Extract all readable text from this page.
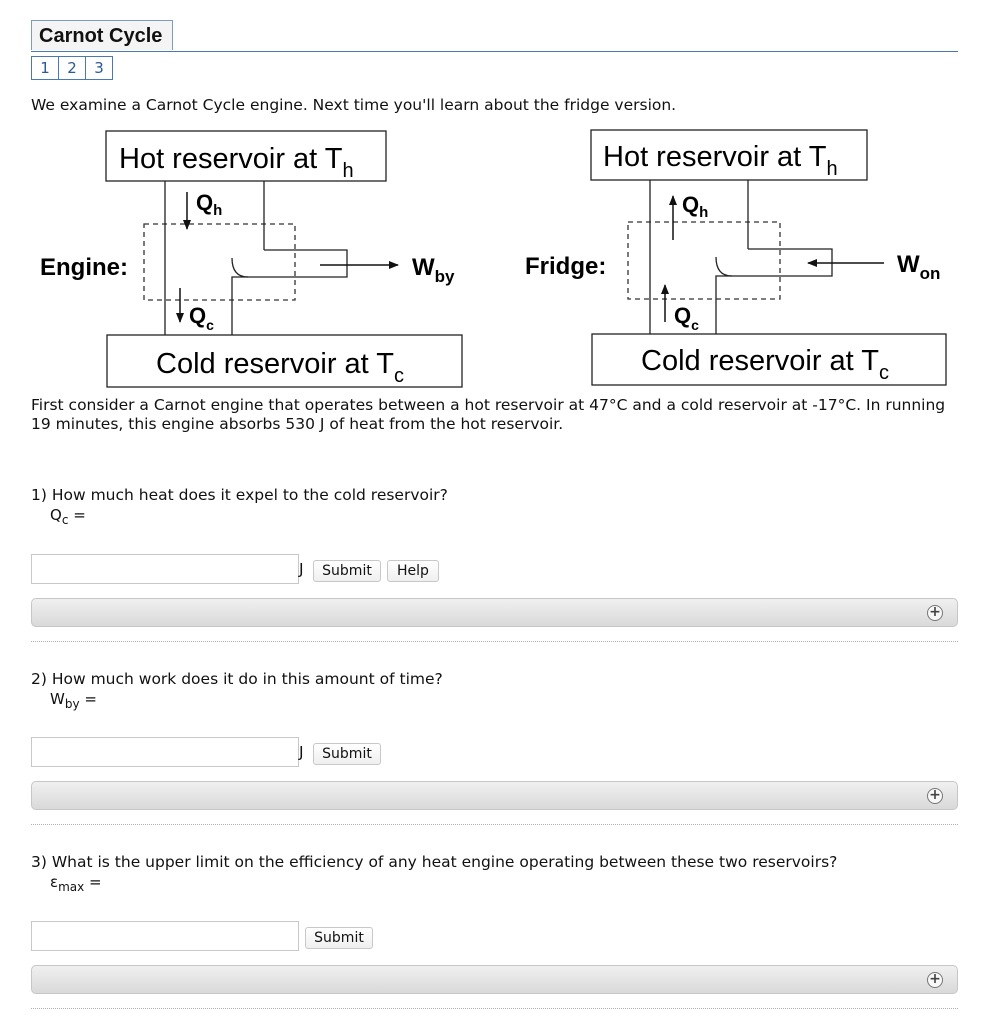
Carnot Cycle
1	2	3
We examine a Carnot Cycle engine. Next time you'll learn about the fridge version.
Hot reservoir at $T_h$
Cold reservoir at $T_c$
$Q_h$
$Q_c$
$W_{by}$
Engine:
Hot reservoir at $T_h$
Cold reservoir at $T_c$
$Q_h$
$Q_c$
$W_{on}$
Fridge:
First consider a Carnot engine that operates between a hot reservoir at 47°C and a cold reservoir at -17°C. In running 19 minutes, this engine absorbs 530 J of heat from the hot reservoir.
1) How much heat does it expel to the cold reservoir?
$Q_c$ =
J	Submit	Help
+
2) How much work does it do in this amount of time?
$W_{by}$ =
J	Submit
+
3) What is the upper limit on the efficiency of any heat engine operating between these two reservoirs?
$\varepsilon_{max}$ =
Submit
+
